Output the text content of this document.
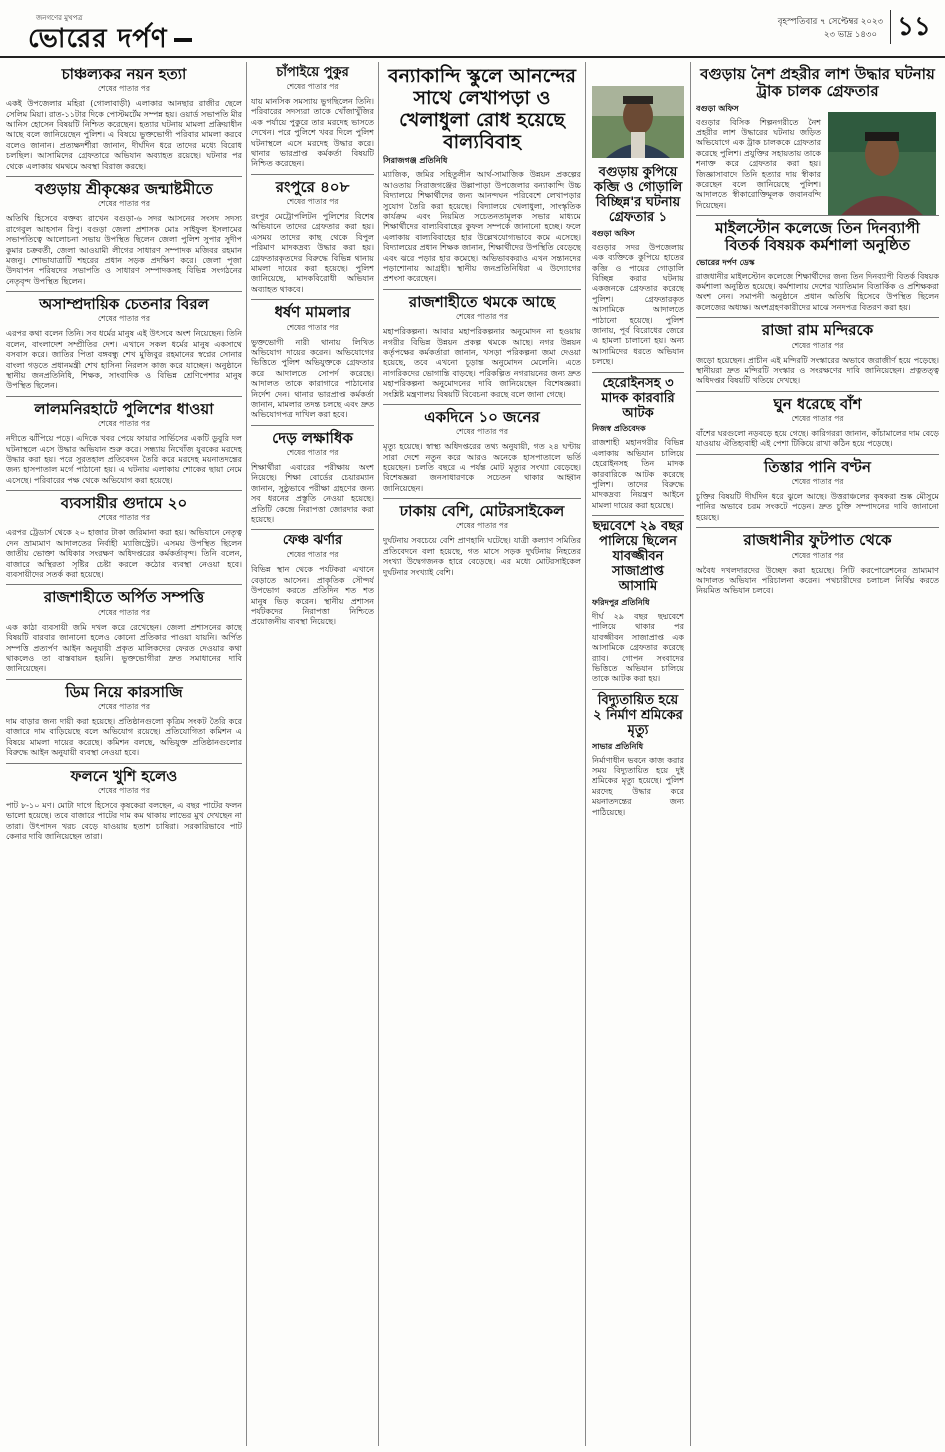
জনগণের মুখপত্র
ভোরের দর্পণ
বৃহস্পতিবার ৭ সেপ্টেম্বর ২০২৩
২৩ ভাদ্র ১৪৩০ ১১
চাঞ্চল্যকর নয়ন হত্যা
শেষের পাতার পর

একই উপজেলার মহিরা (গোলাবাড়ী) এলাকার আনছার রাজীর ছেলে সেলিম মিয়া। রাত-১১টার দিকে পোস্টমর্টেম সম্পন্ন হয়। ওয়ার্ড সভাপতি মীর আনিস হোসেন বিষয়টি নিশ্চিত করেছেন। হত্যার ঘটনায় মামলা প্রক্রিয়াধীন আছে বলে জানিয়েছেন পুলিশ। এ বিষয়ে ভুক্তভোগী পরিবার মামলা করবে বলেও জানান। প্রত্যক্ষদর্শীরা জানান, দীর্ঘদিন ধরে তাদের মধ্যে বিরোধ চলছিল। আসামিদের গ্রেফতারে অভিযান অব্যাহত রয়েছে। ঘটনার পর থেকে এলাকায় থমথমে অবস্থা বিরাজ করছে।

বগুড়ায় শ্রীকৃষ্ণের জন্মাষ্টমীতে
শেষের পাতার পর

অতিথি হিসেবে বক্তব্য রাখেন বগুড়া-৬ সদর আসনের সংসদ সদস্য রাগেবুল আহসান রিপু। বগুড়া জেলা প্রশাসক মোঃ সাইফুল ইসলামের সভাপতিত্বে আলোচনা সভায় উপস্থিত ছিলেন জেলা পুলিশ সুপার সুদীপ কুমার চক্রবর্তী, জেলা আওয়ামী লীগের সাধারণ সম্পাদক মজিবর রহমান মজনু। শোভাযাত্রাটি শহরের প্রধান সড়ক প্রদক্ষিণ করে। জেলা পূজা উদযাপন পরিষদের সভাপতি ও সাধারণ সম্পাদকসহ বিভিন্ন সংগঠনের নেতৃবৃন্দ উপস্থিত ছিলেন।

অসাম্প্রদায়িক চেতনার বিরল
শেষের পাতার পর

এরপর কথা বলেন তিনি। সব ধর্মের মানুষ এই উৎসবে অংশ নিয়েছেন। তিনি বলেন, বাংলাদেশ সম্প্রীতির দেশ। এখানে সকল ধর্মের মানুষ একসাথে বসবাস করে। জাতির পিতা বঙ্গবন্ধু শেখ মুজিবুর রহমানের স্বপ্নের সোনার বাংলা গড়তে প্রধানমন্ত্রী শেখ হাসিনা নিরলস কাজ করে যাচ্ছেন। অনুষ্ঠানে স্থানীয় জনপ্রতিনিধি, শিক্ষক, সাংবাদিক ও বিভিন্ন শ্রেণিপেশার মানুষ উপস্থিত ছিলেন।

লালমনিরহাটে পুলিশের ধাওয়া
শেষের পাতার পর

নদীতে ঝাঁপিয়ে পড়ে। এদিকে খবর পেয়ে ফায়ার সার্ভিসের একটি ডুবুরি দল ঘটনাস্থলে এসে উদ্ধার অভিযান শুরু করে। সন্ধ্যায় নিখোঁজ যুবকের মরদেহ উদ্ধার করা হয়। পরে সুরতহাল প্রতিবেদন তৈরি করে মরদেহ ময়নাতদন্তের জন্য হাসপাতাল মর্গে পাঠানো হয়। এ ঘটনায় এলাকায় শোকের ছায়া নেমে এসেছে। পরিবারের পক্ষ থেকে অভিযোগ করা হয়েছে।

ব্যবসায়ীর গুদামে ২০
শেষের পাতার পর

এরপর ট্রেডার্স থেকে ২০ হাজার টাকা জরিমানা করা হয়। অভিযানে নেতৃত্ব দেন ভ্রাম্যমাণ আদালতের নির্বাহী ম্যাজিস্ট্রেট। এসময় উপস্থিত ছিলেন জাতীয় ভোক্তা অধিকার সংরক্ষণ অধিদপ্তরের কর্মকর্তাবৃন্দ। তিনি বলেন, বাজারে অস্থিরতা সৃষ্টির চেষ্টা করলে কঠোর ব্যবস্থা নেওয়া হবে। ব্যবসায়ীদের সতর্ক করা হয়েছে।

রাজশাহীতে অর্পিত সম্পত্তি
শেষের পাতার পর

এক কাঠা ব্যবসায়ী জমি দখল করে রেখেছেন। জেলা প্রশাসনের কাছে বিষয়টি বারবার জানানো হলেও কোনো প্রতিকার পাওয়া যায়নি। অর্পিত সম্পত্তি প্রত্যর্পণ আইন অনুযায়ী প্রকৃত মালিকদের ফেরত দেওয়ার কথা থাকলেও তা বাস্তবায়ন হয়নি। ভুক্তভোগীরা দ্রুত সমাধানের দাবি জানিয়েছেন।

ডিম নিয়ে কারসাজি
শেষের পাতার পর

দাম বাড়ার জন্য দায়ী করা হয়েছে। প্রতিষ্ঠানগুলো কৃত্রিম সংকট তৈরি করে বাজারে দাম বাড়িয়েছে বলে অভিযোগ রয়েছে। প্রতিযোগিতা কমিশন এ বিষয়ে মামলা দায়ের করেছে। কমিশন বলছে, অভিযুক্ত প্রতিষ্ঠানগুলোর বিরুদ্ধে আইন অনুযায়ী ব্যবস্থা নেওয়া হবে।

ফলনে খুশি হলেও
শেষের পাতার পর

পাট ৮-১০ মণ। মোটা দাগে হিসেবে কৃষকেরা বলছেন, এ বছর পাটের ফলন ভালো হয়েছে। তবে বাজারে পাটের দাম কম থাকায় লাভের মুখ দেখছেন না তারা। উৎপাদন খরচ বেড়ে যাওয়ায় হতাশ চাষিরা। সরকারিভাবে পাট কেনার দাবি জানিয়েছেন তারা।

চাঁপাইয়ে পুকুর
শেষের পাতার পর

যায় মানসিক সমস্যায় ভুগছিলেন তিনি। পরিবারের সদস্যরা তাকে খোঁজাখুঁজির এক পর্যায়ে পুকুরে তার মরদেহ ভাসতে দেখেন। পরে পুলিশে খবর দিলে পুলিশ ঘটনাস্থলে এসে মরদেহ উদ্ধার করে। থানার ভারপ্রাপ্ত কর্মকর্তা বিষয়টি নিশ্চিত করেছেন।

রংপুরে ৪০৮
শেষের পাতার পর

রংপুর মেট্রোপলিটন পুলিশের বিশেষ অভিযানে তাদের গ্রেফতার করা হয়। এসময় তাদের কাছ থেকে বিপুল পরিমাণ মাদকদ্রব্য উদ্ধার করা হয়। গ্রেফতারকৃতদের বিরুদ্ধে বিভিন্ন থানায় মামলা দায়ের করা হয়েছে। পুলিশ জানিয়েছে, মাদকবিরোধী অভিযান অব্যাহত থাকবে।

ধর্ষণ মামলার
শেষের পাতার পর

ভুক্তভোগী নারী থানায় লিখিত অভিযোগ দায়ের করেন। অভিযোগের ভিত্তিতে পুলিশ অভিযুক্তকে গ্রেফতার করে আদালতে সোপর্দ করেছে। আদালত তাকে কারাগারে পাঠানোর নির্দেশ দেন। থানার ভারপ্রাপ্ত কর্মকর্তা জানান, মামলার তদন্ত চলছে এবং দ্রুত অভিযোগপত্র দাখিল করা হবে।

দেড় লক্ষাধিক
শেষের পাতার পর

শিক্ষার্থীরা এবারের পরীক্ষায় অংশ নিয়েছে। শিক্ষা বোর্ডের চেয়ারম্যান জানান, সুষ্ঠুভাবে পরীক্ষা গ্রহণের জন্য সব ধরনের প্রস্তুতি নেওয়া হয়েছে। প্রতিটি কেন্দ্রে নিরাপত্তা জোরদার করা হয়েছে।

ফেঞ্চ ঝর্ণার
শেষের পাতার পর

বিভিন্ন স্থান থেকে পর্যটকরা এখানে বেড়াতে আসেন। প্রাকৃতিক সৌন্দর্য উপভোগ করতে প্রতিদিন শত শত মানুষ ভিড় করেন। স্থানীয় প্রশাসন পর্যটকদের নিরাপত্তা নিশ্চিতে প্রয়োজনীয় ব্যবস্থা নিয়েছে।

বন্যাকান্দি স্কুলে আনন্দের সাথে লেখাপড়া ও খেলাধুলা রোধ হয়েছে বাল্যবিবাহ
সিরাজগঞ্জ প্রতিনিধি

ম্যাজিক, জমির সহিতুলীন আর্থ-সামাজিক উন্নয়ন প্রকল্পের আওতায় সিরাজগঞ্জের উল্লাপাড়া উপজেলার বন্যাকান্দি উচ্চ বিদ্যালয়ে শিক্ষার্থীদের জন্য আনন্দঘন পরিবেশে লেখাপড়ার সুযোগ তৈরি করা হয়েছে। বিদ্যালয়ে খেলাধুলা, সাংস্কৃতিক কার্যক্রম এবং নিয়মিত সচেতনতামূলক সভার মাধ্যমে শিক্ষার্থীদের বাল্যবিবাহের কুফল সম্পর্কে জানানো হচ্ছে। ফলে এলাকায় বাল্যবিবাহের হার উল্লেখযোগ্যভাবে কমে এসেছে। বিদ্যালয়ের প্রধান শিক্ষক জানান, শিক্ষার্থীদের উপস্থিতি বেড়েছে এবং ঝরে পড়ার হার কমেছে। অভিভাবকরাও এখন সন্তানদের পড়াশোনায় আগ্রহী। স্থানীয় জনপ্রতিনিধিরা এ উদ্যোগের প্রশংসা করেছেন।

রাজশাহীতে থমকে আছে
শেষের পাতার পর

মহাপরিকল্পনা। আবার মহাপরিকল্পনার অনুমোদন না হওয়ায় নগরীর বিভিন্ন উন্নয়ন প্রকল্প থমকে আছে। নগর উন্নয়ন কর্তৃপক্ষের কর্মকর্তারা জানান, খসড়া পরিকল্পনা জমা দেওয়া হয়েছে, তবে এখনো চূড়ান্ত অনুমোদন মেলেনি। এতে নাগরিকদের ভোগান্তি বাড়ছে। পরিকল্পিত নগরায়নের জন্য দ্রুত মহাপরিকল্পনা অনুমোদনের দাবি জানিয়েছেন বিশেষজ্ঞরা। সংশ্লিষ্ট মন্ত্রণালয় বিষয়টি বিবেচনা করছে বলে জানা গেছে।

একদিনে ১০ জনের
শেষের পাতার পর

মৃত্যু হয়েছে। স্বাস্থ্য অধিদপ্তরের তথ্য অনুযায়ী, গত ২৪ ঘণ্টায় সারা দেশে নতুন করে আরও অনেকে হাসপাতালে ভর্তি হয়েছেন। চলতি বছরে এ পর্যন্ত মোট মৃত্যুর সংখ্যা বেড়েছে। বিশেষজ্ঞরা জনসাধারণকে সচেতন থাকার আহ্বান জানিয়েছেন।

ঢাকায় বেশি, মোটরসাইকেল
শেষের পাতার পর

দুর্ঘটনায় সবচেয়ে বেশি প্রাণহানি ঘটেছে। যাত্রী কল্যাণ সমিতির প্রতিবেদনে বলা হয়েছে, গত মাসে সড়ক দুর্ঘটনায় নিহতের সংখ্যা উদ্বেগজনক হারে বেড়েছে। এর মধ্যে মোটরসাইকেল দুর্ঘটনার সংখ্যাই বেশি।

বগুড়ায় কুপিয়ে কব্জি ও গোড়ালি বিচ্ছিন্ন'র ঘটনায় গ্রেফতার ১
বগুড়া অফিস

বগুড়ার সদর উপজেলায় এক ব্যক্তিকে কুপিয়ে হাতের কব্জি ও পায়ের গোড়ালি বিচ্ছিন্ন করার ঘটনায় একজনকে গ্রেফতার করেছে পুলিশ। গ্রেফতারকৃত আসামিকে আদালতে পাঠানো হয়েছে। পুলিশ জানায়, পূর্ব বিরোধের জেরে এ হামলা চালানো হয়। অন্য আসামিদের ধরতে অভিযান চলছে।

হেরোইনসহ ৩ মাদক কারবারি আটক
নিজস্ব প্রতিবেদক

রাজশাহী মহানগরীর বিভিন্ন এলাকায় অভিযান চালিয়ে হেরোইনসহ তিন মাদক কারবারিকে আটক করেছে পুলিশ। তাদের বিরুদ্ধে মাদকদ্রব্য নিয়ন্ত্রণ আইনে মামলা দায়ের করা হয়েছে।

ছদ্মবেশে ২৯ বছর পালিয়ে ছিলেন যাবজ্জীবন সাজাপ্রাপ্ত আসামি
ফরিদপুর প্রতিনিধি

দীর্ঘ ২৯ বছর ছদ্মবেশে পালিয়ে থাকার পর যাবজ্জীবন সাজাপ্রাপ্ত এক আসামিকে গ্রেফতার করেছে র‍্যাব। গোপন সংবাদের ভিত্তিতে অভিযান চালিয়ে তাকে আটক করা হয়।

বিদ্যুতায়িত হয়ে ২ নির্মাণ শ্রমিকের মৃত্যু
সাভার প্রতিনিধি

নির্মাণাধীন ভবনে কাজ করার সময় বিদ্যুতায়িত হয়ে দুই শ্রমিকের মৃত্যু হয়েছে। পুলিশ মরদেহ উদ্ধার করে ময়নাতদন্তের জন্য পাঠিয়েছে।

বগুড়ায় নৈশ প্রহরীর লাশ উদ্ধার ঘটনায় ট্রাক চালক গ্রেফতার
বগুড়া অফিস

বগুড়ার বিসিক শিল্পনগরীতে নৈশ প্রহরীর লাশ উদ্ধারের ঘটনায় জড়িত অভিযোগে এক ট্রাক চালককে গ্রেফতার করেছে পুলিশ। প্রযুক্তির সহায়তায় তাকে শনাক্ত করে গ্রেফতার করা হয়। জিজ্ঞাসাবাদে তিনি হত্যার দায় স্বীকার করেছেন বলে জানিয়েছে পুলিশ। আদালতে স্বীকারোক্তিমূলক জবানবন্দি দিয়েছেন।

মাইলস্টোন কলেজে তিন দিনব্যাপী বিতর্ক বিষয়ক কর্মশালা অনুষ্ঠিত
ভোরের দর্পণ ডেস্ক

রাজধানীর মাইলস্টোন কলেজে শিক্ষার্থীদের জন্য তিন দিনব্যাপী বিতর্ক বিষয়ক কর্মশালা অনুষ্ঠিত হয়েছে। কর্মশালায় দেশের খ্যাতিমান বিতার্কিক ও প্রশিক্ষকরা অংশ নেন। সমাপনী অনুষ্ঠানে প্রধান অতিথি হিসেবে উপস্থিত ছিলেন কলেজের অধ্যক্ষ। অংশগ্রহণকারীদের মাঝে সনদপত্র বিতরণ করা হয়।

রাজা রাম মন্দিরকে
শেষের পাতার পর

জড়ো হয়েছেন। প্রাচীন এই মন্দিরটি সংস্কারের অভাবে জরাজীর্ণ হয়ে পড়েছে। স্থানীয়রা দ্রুত মন্দিরটি সংস্কার ও সংরক্ষণের দাবি জানিয়েছেন। প্রত্নতত্ত্ব অধিদপ্তর বিষয়টি খতিয়ে দেখছে।

ঘুন ধরেছে বাঁশ
শেষের পাতার পর

বাঁশের ঘরগুলো নড়বড়ে হয়ে গেছে। কারিগররা জানান, কাঁচামালের দাম বেড়ে যাওয়ায় ঐতিহ্যবাহী এই পেশা টিকিয়ে রাখা কঠিন হয়ে পড়েছে।

তিস্তার পানি বণ্টন
শেষের পাতার পর

চুক্তির বিষয়টি দীর্ঘদিন ধরে ঝুলে আছে। উত্তরাঞ্চলের কৃষকরা শুষ্ক মৌসুমে পানির অভাবে চরম সংকটে পড়েন। দ্রুত চুক্তি সম্পাদনের দাবি জানানো হয়েছে।

রাজধানীর ফুটপাত থেকে
শেষের পাতার পর

অবৈধ দখলদারদের উচ্ছেদ করা হয়েছে। সিটি করপোরেশনের ভ্রাম্যমাণ আদালত অভিযান পরিচালনা করেন। পথচারীদের চলাচল নির্বিঘ্ন করতে নিয়মিত অভিযান চলবে।
